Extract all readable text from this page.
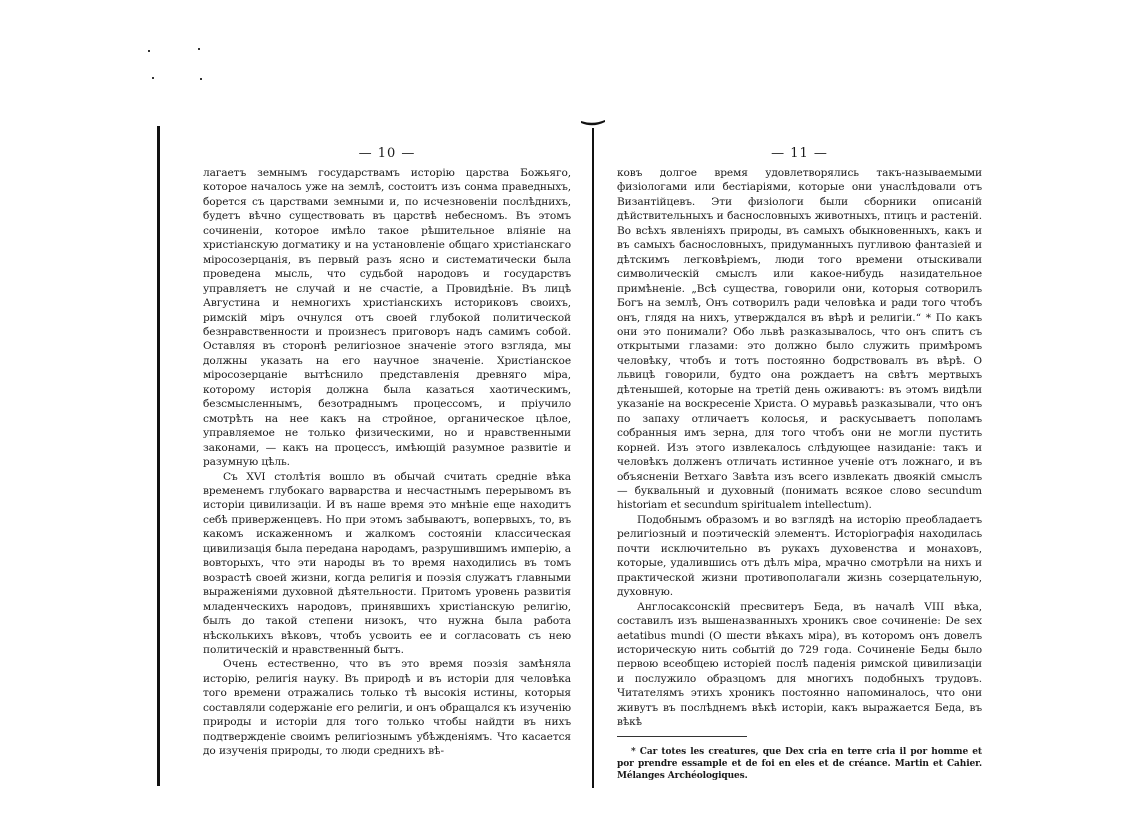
— 10 —

лагаетъ земнымъ государствамъ исторію царства Божьяго, которое началось уже на землѣ, состоитъ изъ сонма праведныхъ, борется съ царствами земными и, по исчезновеніи послѣднихъ, будетъ вѣчно существовать въ царствѣ небесномъ. Въ этомъ сочиненіи, которое имѣло такое рѣшительное вліяніе на христіанскую догматику и на установленіе общаго христіанскаго міросозерцанія, въ первый разъ ясно и систематически была проведена мысль, что судьбой народовъ и государствъ управляетъ не случай и не счастіе, а Провидѣніе. Въ лицѣ Августина и немногихъ христіанскихъ историковъ своихъ, римскій міръ очнулся отъ своей глубокой политической безнравственности и произнесъ приговоръ надъ самимъ собой. Оставляя въ сторонѣ религіозное значеніе этого взгляда, мы должны указать на его научное значеніе. Христіанское міросозерцаніе вытѣснило представленія древняго міра, которому исторія должна была казаться хаотическимъ, безсмысленнымъ, безотраднымъ процессомъ, и пріучило смотрѣть на нее какъ на стройное, органическое цѣлое, управляемое не только физическими, но и нравственными законами, — какъ на процессъ, имѣющій разумное развитіе и разумную цѣль.

Съ XVI столѣтія вошло въ обычай считать средніе вѣка временемъ глубокаго варварства и несчастнымъ перерывомъ въ исторіи цивилизаціи. И въ наше время это мнѣніе еще находитъ себѣ приверженцевъ. Но при этомъ забываютъ, вопервыхъ, то, въ какомъ искаженномъ и жалкомъ состояніи классическая цивилизація была передана народамъ, разрушившимъ имперію, а вовторыхъ, что эти народы въ то время находились въ томъ возрастѣ своей жизни, когда религія и поэзія служатъ главными выраженіями духовной дѣятельности. Притомъ уровень развитія младенческихъ народовъ, принявшихъ христіанскую религію, былъ до такой степени низокъ, что нужна была работа нѣсколькихъ вѣковъ, чтобъ усвоить ее и согласовать съ нею политическій и нравственный бытъ.

Очень естественно, что въ это время поэзія замѣняла исторію, религія науку. Въ природѣ и въ исторіи для человѣка того времени отражались только тѣ высокія истины, которыя составляли содержаніе его религіи, и онъ обращался къ изученію природы и исторіи для того только чтобы найдти въ нихъ подтвержденіе своимъ религіознымъ убѣжденіямъ. Что касается до изученія природы, то люди среднихъ вѣ-

— 11 —

ковъ долгое время удовлетворялись такъ-называемыми физіологами или бестіаріями, которые они унаслѣдовали отъ Византійцевъ. Эти физіологи были сборники описаній дѣйствительныхъ и баснословныхъ животныхъ, птицъ и растеній. Во всѣхъ явленіяхъ природы, въ самыхъ обыкновенныхъ, какъ и въ самыхъ баснословныхъ, придуманныхъ пугливою фантазіей и дѣтскимъ легковѣріемъ, люди того времени отыскивали символическій смыслъ или какое-нибудь назидательное примѣненіе. „Всѣ существа, говорили они, которыя сотворилъ Богъ на землѣ, Онъ сотворилъ ради человѣка и ради того чтобъ онъ, глядя на нихъ, утверждался въ вѣрѣ и религіи.“ * По какъ они это понимали? Обо львѣ разказывалось, что онъ спитъ съ открытыми глазами: это должно было служить примѣромъ человѣку, чтобъ и тотъ постоянно бодрствовалъ въ вѣрѣ. О львицѣ говорили, будто она рождаетъ на свѣтъ мертвыхъ дѣтенышей, которые на третій день оживаютъ: въ этомъ видѣли указаніе на воскресеніе Христа. О муравьѣ разказывали, что онъ по запаху отличаетъ колосья, и раскусываетъ пополамъ собранныя имъ зерна, для того чтобъ они не могли пустить корней. Изъ этого извлекалось слѣдующее назиданіе: такъ и человѣкъ долженъ отличать истинное ученіе отъ ложнаго, и въ объясненіи Ветхаго Завѣта изъ всего извлекать двоякій смыслъ — буквальный и духовный (понимать всякое слово secundum historiam et secundum spiritualem intellectum).

Подобнымъ образомъ и во взглядѣ на исторію преобладаетъ религіозный и поэтическій элементъ. Исторіографія находилась почти исключительно въ рукахъ духовенства и монаховъ, которые, удалившись отъ дѣлъ міра, мрачно смотрѣли на нихъ и практической жизни противополагали жизнь созерцательную, духовную.

Англосаксонскій пресвитеръ Беда, въ началѣ VIII вѣка, составилъ изъ вышеназванныхъ хроникъ свое сочиненіе: De sex aetatibus mundi (О шести вѣкахъ міра), въ которомъ онъ довелъ историческую нить событій до 729 года. Сочиненіе Беды было первою всеобщею исторіей послѣ паденія римской цивилизаціи и послужило образцомъ для многихъ подобныхъ трудовъ. Читателямъ этихъ хроникъ постоянно напоминалось, что они живутъ въ послѣднемъ вѣкѣ исторіи, какъ выражается Беда, въ вѣкѣ

* Car totes les creatures, que Dex cria en terre cria il por homme et por prendre essample et de foi en eles et de créance. Martin et Cahier. Mélanges Archéologiques.
